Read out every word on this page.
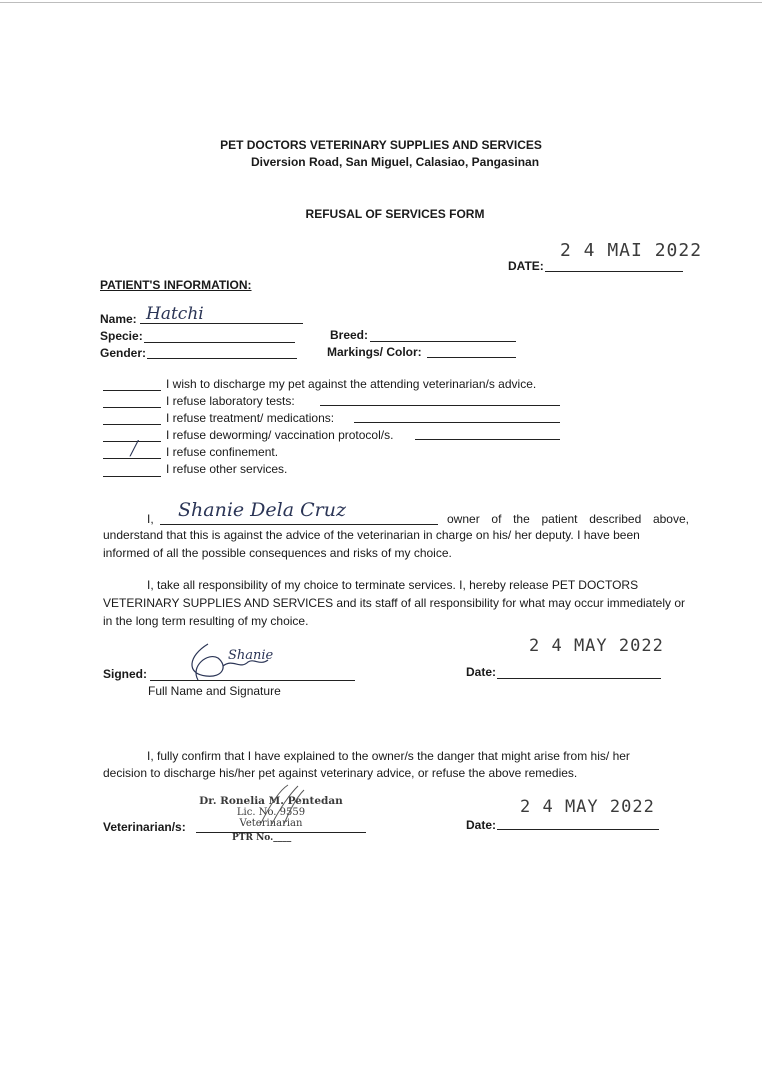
PET DOCTORS VETERINARY SUPPLIES AND SERVICES
Diversion Road, San Miguel, Calasiao, Pangasinan
REFUSAL OF SERVICES FORM
2 4 MAI 2022
DATE:
PATIENT'S INFORMATION:
Name: Hatchi
Specie:	Breed:
Gender:	Markings/ Color:
I wish to discharge my pet against the attending veterinarian/s advice.
I refuse laboratory tests:
I refuse treatment/ medications:
I refuse deworming/ vaccination protocol/s.
╱ I refuse confinement.
I refuse other services.
I, Shanie Dela Cruz	owner of the patient described above,
understand that this is against the advice of the veterinarian in charge on his/ her deputy. I have been
informed of all the possible consequences and risks of my choice.
I, take all responsibility of my choice to terminate services. I, hereby release PET DOCTORS
VETERINARY SUPPLIES AND SERVICES and its staff of all responsibility for what may occur immediately or
in the long term resulting of my choice.
Signed:
Shanie
Full Name and Signature
2 4 MAY 2022
Date:
I, fully confirm that I have explained to the owner/s the danger that might arise from his/ her
decision to discharge his/her pet against veterinary advice, or refuse the above remedies.
Veterinarian/s:
Dr. Ronelia M. Pentedan
Lic. No. 9559
Veterinarian
PTR No.____
2 4 MAY 2022
Date:
